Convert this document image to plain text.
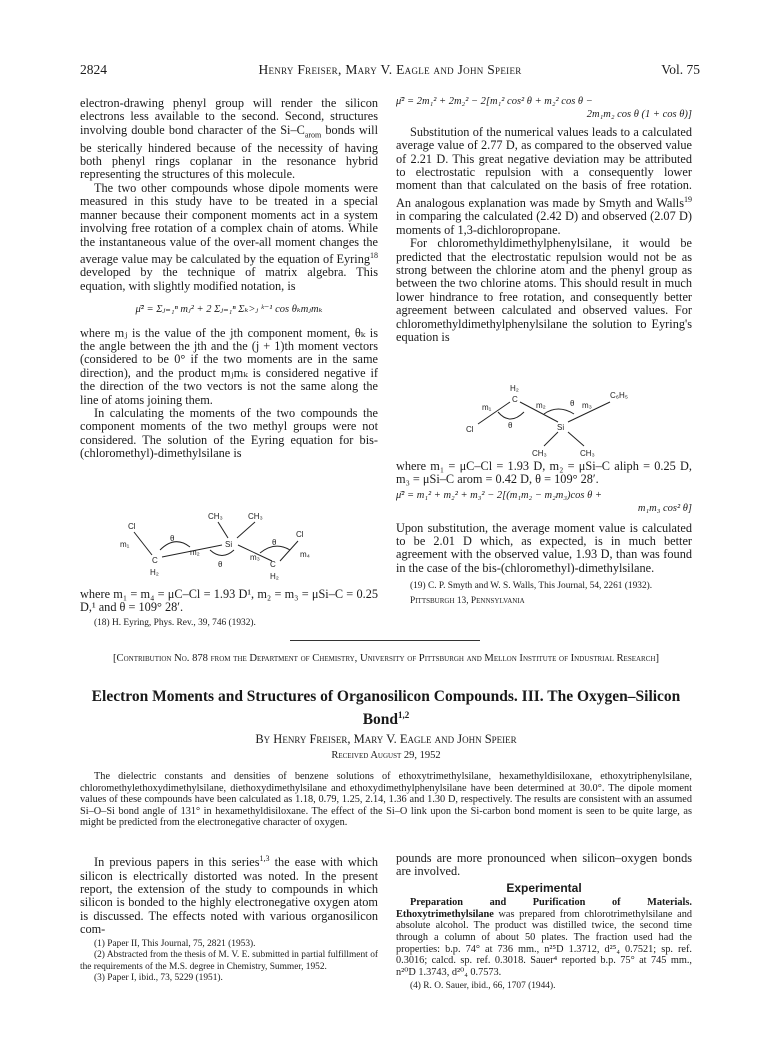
2824	Henry Freiser, Mary V. Eagle and John Speier	Vol. 75

electron-drawing phenyl group will render the silicon electrons less available to the second. Second, structures involving double bond character of the $Si-C_{arom}$ bonds will be sterically hindered because of the necessity of having both phenyl rings coplanar in the resonance hybrid representing the structures of this molecule.

The two other compounds whose dipole moments were measured in this study have to be treated in a special manner because their component moments act in a system involving free rotation of a complex chain of atoms. While the instantaneous value of the over-all moment changes the average value may be calculated by the equation of Eyring$^{18}$ developed by the technique of matrix algebra. This equation, with slightly modified notation, is

μ̄² = Σⱼ₌₁ⁿ mⱼ² + 2 Σⱼ₌₁ⁿ Σₖ>ⱼ ᵏ⁻¹ cos θₖmⱼmₖ

where mⱼ is the value of the jth component moment, θₖ is the angle between the jth and the (j + 1)th moment vectors (considered to be 0° if the two moments are in the same direction), and the product mⱼmₖ is considered negative if the direction of the two vectors is not the same along the line of atoms joining them.

In calculating the moments of the two compounds the component moments of the two methyl groups were not considered. The solution of the Eyring equation for bis-(chloromethyl)-dimethylsilane is

CH₃	CH₃
Si
Cl
m₁
C
H₂
m₂
θ
m₃
θ	C
H₂
Cl
m₄
θ

where m₁ = m₄ = μC–Cl = 1.93 D¹, m₂ = m₃ = μSi–C = 0.25 D,¹ and θ = 109° 28′.

(18) H. Eyring, Phys. Rev., 39, 746 (1932).

μ̄² = 2m₁² + 2m₂² − 2[m₁² cos² θ + m₂² cos θ −
2m₁m₂ cos θ (1 + cos θ)]

Substitution of the numerical values leads to a calculated average value of 2.77 D, as compared to the observed value of 2.21 D. This great negative deviation may be attributed to electrostatic repulsion with a consequently lower moment than that calculated on the basis of free rotation. An analogous explanation was made by Smyth and Walls$^{19}$ in comparing the calculated (2.42 D) and observed (2.07 D) moments of 1,3-dichloropropane.

For chloromethyldimethylphenylsilane, it would be predicted that the electrostatic repulsion would not be as strong between the chlorine atom and the phenyl group as between the two chlorine atoms. This should result in much lower hindrance to free rotation, and consequently better agreement between calculated and observed values. For chloromethyldimethylphenylsilane the solution to Eyring's equation is

H₂
C
m₁
Cl
m₂
θ	Si
m₃
θ
C₆H₅
CH₃	CH₃

where m₁ = μC–Cl = 1.93 D, m₂ = μSi–C aliph = 0.25 D, m₃ = μSi–C arom = 0.42 D, θ = 109° 28′.

μ̄² = m₁² + m₂² + m₃² − 2[(m₁m₂ − m₂m₃)cos θ +
m₁m₃ cos² θ]

Upon substitution, the average moment value is calculated to be 2.01 D which, as expected, is in much better agreement with the observed value, 1.93 D, than was found in the case of the bis-(chloromethyl)-dimethylsilane.

(19) C. P. Smyth and W. S. Walls, This Journal, 54, 2261 (1932).

Pittsburgh 13, Pennsylvania

[Contribution No. 878 from the Department of Chemistry, University of Pittsburgh and Mellon Institute of Industrial Research]
Electron Moments and Structures of Organosilicon Compounds. III. The Oxygen–Silicon Bond$^{1,2}$
By Henry Freiser, Mary V. Eagle and John Speier
Received August 29, 1952
The dielectric constants and densities of benzene solutions of ethoxytrimethylsilane, hexamethyldisiloxane, ethoxytriphenylsilane, chloromethylethoxydimethylsilane, diethoxydimethylsilane and ethoxydimethylphenylsilane have been determined at 30.0°. The dipole moment values of these compounds have been calculated as 1.18, 0.79, 1.25, 2.14, 1.36 and 1.30 D, respectively. The results are consistent with an assumed Si–O–Si bond angle of 131° in hexamethyldisiloxane. The effect of the Si–O link upon the Si-carbon bond moment is seen to be quite large, as might be predicted from the electronegative character of oxygen.

In previous papers in this series$^{1,3}$ the ease with which silicon is electrically distorted was noted. In the present report, the extension of the study to compounds in which silicon is bonded to the highly electronegative oxygen atom is discussed. The effects noted with various organosilicon com-

(1) Paper II, This Journal, 75, 2821 (1953).

(2) Abstracted from the thesis of M. V. E. submitted in partial fulfillment of the requirements of the M.S. degree in Chemistry, Summer, 1952.

(3) Paper I, ibid., 73, 5229 (1951).

pounds are more pronounced when silicon–oxygen bonds are involved.

Experimental

Preparation and Purification of Materials. Ethoxytrimethylsilane was prepared from chlorotrimethylsilane and absolute alcohol. The product was distilled twice, the second time through a column of about 50 plates. The fraction used had the properties: b.p. 74° at 736 mm., n²⁵D 1.3712, d²⁵₄ 0.7521; sp. ref. 0.3016; calcd. sp. ref. 0.3018. Sauer⁴ reported b.p. 75° at 745 mm., n²⁰D 1.3743, d²⁰₄ 0.7573.

(4) R. O. Sauer, ibid., 66, 1707 (1944).
